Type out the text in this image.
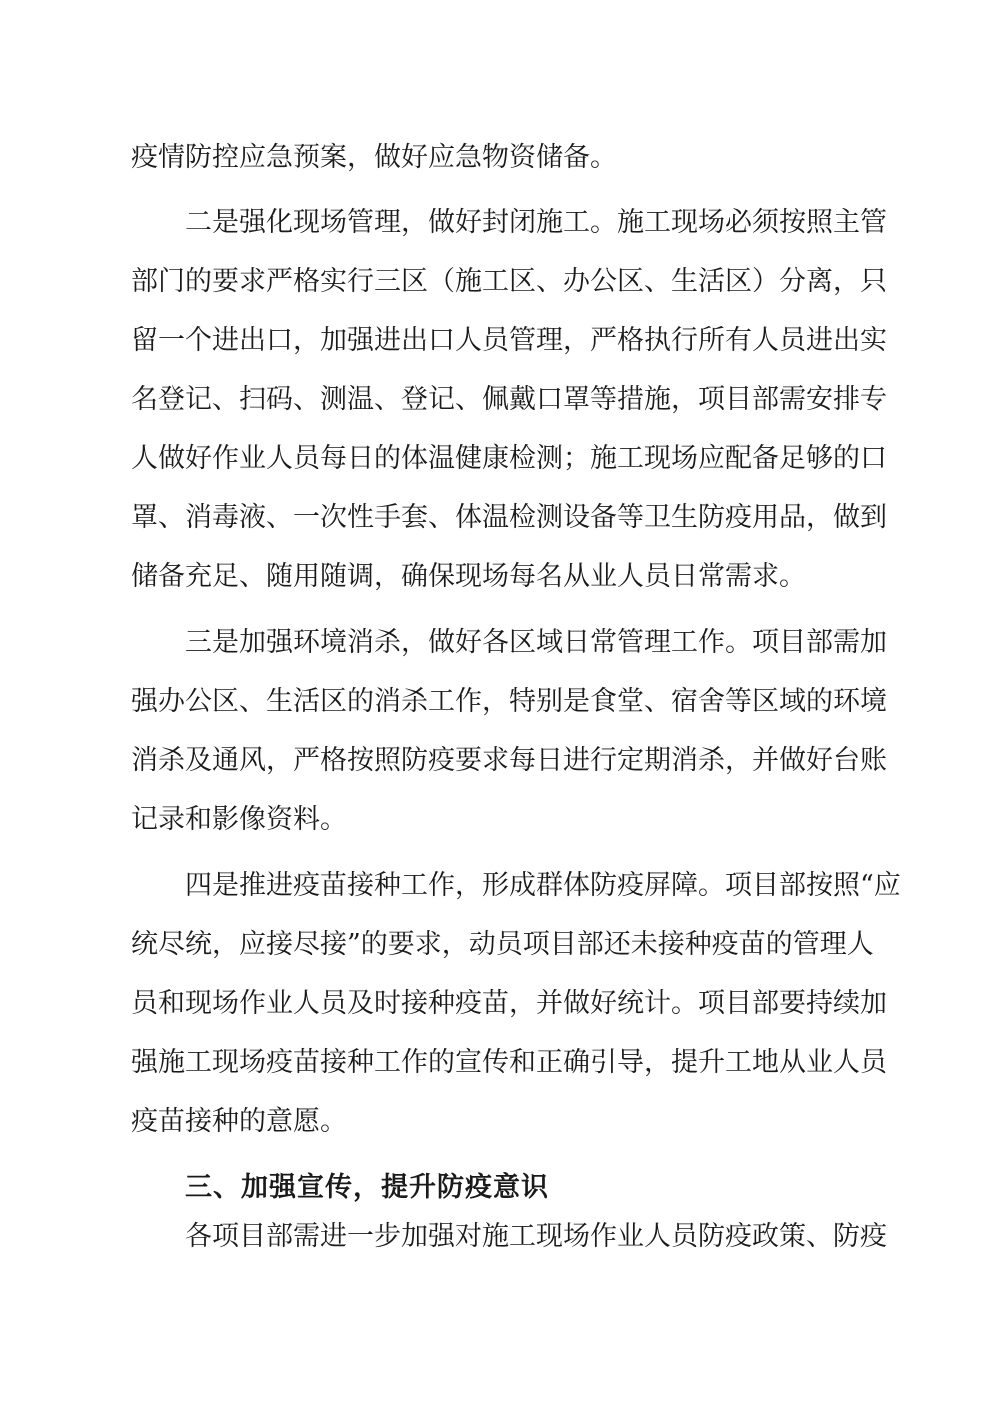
疫情防控应急预案，做好应急物资储备。
二是强化现场管理，做好封闭施工。施工现场必须按照主管
部门的要求严格实行三区（施工区、办公区、生活区）分离，只
留一个进出口，加强进出口人员管理，严格执行所有人员进出实
名登记、扫码、测温、登记、佩戴口罩等措施，项目部需安排专
人做好作业人员每日的体温健康检测；施工现场应配备足够的口
罩、消毒液、一次性手套、体温检测设备等卫生防疫用品，做到
储备充足、随用随调，确保现场每名从业人员日常需求。
三是加强环境消杀，做好各区域日常管理工作。项目部需加
强办公区、生活区的消杀工作，特别是食堂、宿舍等区域的环境
消杀及通风，严格按照防疫要求每日进行定期消杀，并做好台账
记录和影像资料。
四是推进疫苗接种工作，形成群体防疫屏障。项目部按照“应
统尽统，应接尽接”的要求，动员项目部还未接种疫苗的管理人
员和现场作业人员及时接种疫苗，并做好统计。项目部要持续加
强施工现场疫苗接种工作的宣传和正确引导，提升工地从业人员
疫苗接种的意愿。
三、加强宣传，提升防疫意识
各项目部需进一步加强对施工现场作业人员防疫政策、防疫
